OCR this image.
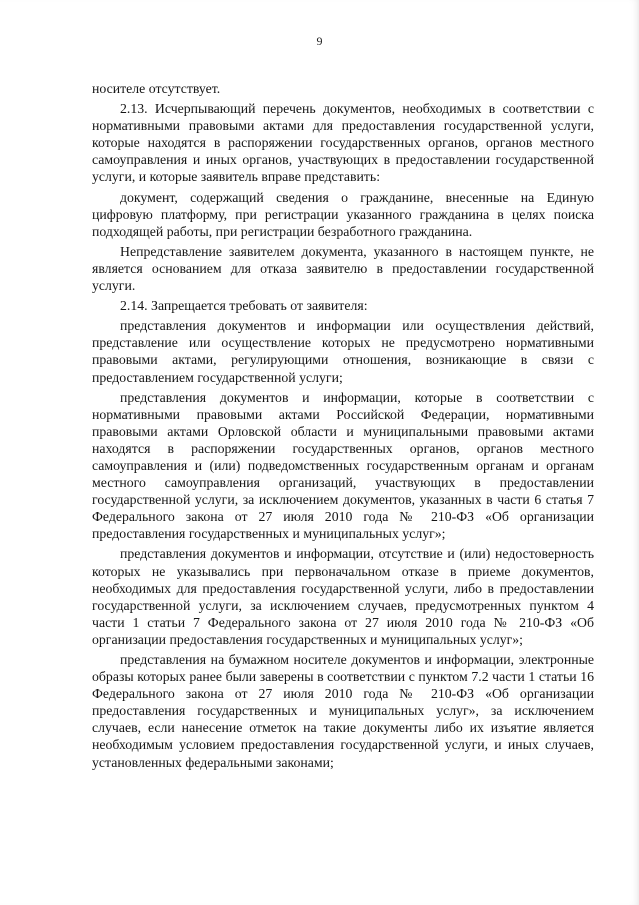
9

носителе отсутствует.

2.13. Исчерпывающий перечень документов, необходимых в соответствии с нормативными правовыми актами для предоставления государственной услуги, которые находятся в распоряжении государственных органов, органов местного самоуправления и иных органов, участвующих в предоставлении государственной услуги, и которые заявитель вправе представить:

документ, содержащий сведения о гражданине, внесенные на Единую цифровую платформу, при регистрации указанного гражданина в целях поиска подходящей работы, при регистрации безработного гражданина.

Непредставление заявителем документа, указанного в настоящем пункте, не является основанием для отказа заявителю в предоставлении государственной услуги.

2.14. Запрещается требовать от заявителя:

представления документов и информации или осуществления действий, представление или осуществление которых не предусмотрено нормативными правовыми актами, регулирующими отношения, возникающие в связи с предоставлением государственной услуги;

представления документов и информации, которые в соответствии с нормативными правовыми актами Российской Федерации, нормативными правовыми актами Орловской области и муниципальными правовыми актами находятся в распоряжении государственных органов, органов местного самоуправления и (или) подведомственных государственным органам и органам местного самоуправления организаций, участвующих в предоставлении государственной услуги, за исключением документов, указанных в части 6 статья 7 Федерального закона от 27 июля 2010 года № 210-ФЗ «Об организации предоставления государственных и муниципальных услуг»;

представления документов и информации, отсутствие и (или) недостоверность которых не указывались при первоначальном отказе в приеме документов, необходимых для предоставления государственной услуги, либо в предоставлении государственной услуги, за исключением случаев, предусмотренных пунктом 4 части 1 статьи 7 Федерального закона от 27 июля 2010 года № 210-ФЗ «Об организации предоставления государственных и муниципальных услуг»;

представления на бумажном носителе документов и информации, электронные образы которых ранее были заверены в соответствии с пунктом 7.2 части 1 статьи 16 Федерального закона от 27 июля 2010 года № 210-ФЗ «Об организации предоставления государственных и муниципальных услуг», за исключением случаев, если нанесение отметок на такие документы либо их изъятие является необходимым условием предоставления государственной услуги, и иных случаев, установленных федеральными законами;
